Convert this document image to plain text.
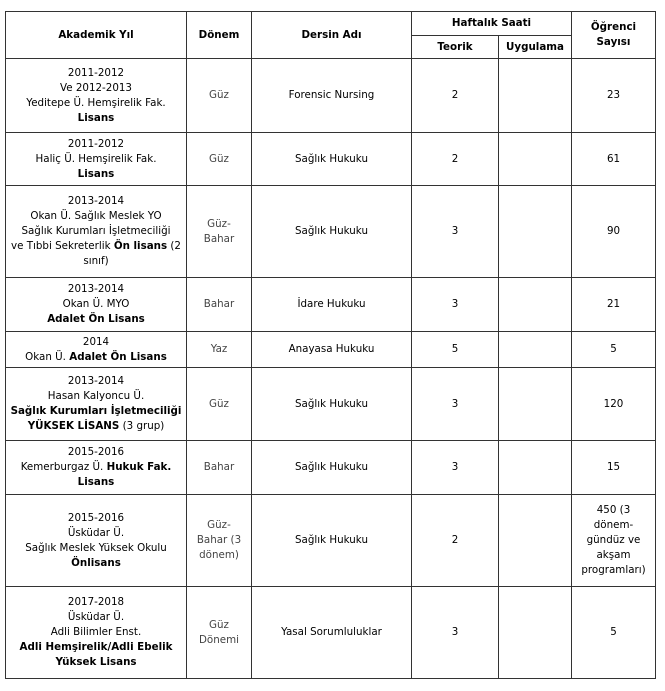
Akademik Yıl	Dönem	Dersin Adı	Haftalık Saati		Öğrenci
Sayısı

			Teorik	Uygulama	

2011-2012
Ve 2012-2013
Yeditepe Ü. Hemşirelik Fak.
Lisans	Güz	Forensic Nursing	2		23

2011-2012
Haliç Ü. Hemşirelik Fak.
Lisans	Güz	Sağlık Hukuku	2		61

2013-2014
Okan Ü. Sağlık Meslek YO
Sağlık Kurumları İşletmeciliği
ve Tıbbi Sekreterlik Ön lisans (2
sınıf)	Güz-
Bahar	Sağlık Hukuku	3		90

2013-2014
Okan Ü. MYO
Adalet Ön Lisans	Bahar	İdare Hukuku	3		21

2014
Okan Ü. Adalet Ön Lisans	Yaz	Anayasa Hukuku	5		5

2013-2014
Hasan Kalyoncu Ü.
Sağlık Kurumları İşletmeciliği
YÜKSEK LİSANS (3 grup)	Güz	Sağlık Hukuku	3		120

2015-2016
Kemerburgaz Ü. Hukuk Fak.
Lisans	Bahar	Sağlık Hukuku	3		15

2015-2016
Üsküdar Ü.
Sağlık Meslek Yüksek Okulu
Önlisans	Güz-
Bahar (3
dönem)	Sağlık Hukuku	2		450 (3
dönem-
gündüz ve
akşam
programları)

2017-2018
Üsküdar Ü.
Adli Bilimler Enst.
Adli Hemşirelik/Adli Ebelik
Yüksek Lisans	Güz
Dönemi	Yasal Sorumluluklar	3		5
